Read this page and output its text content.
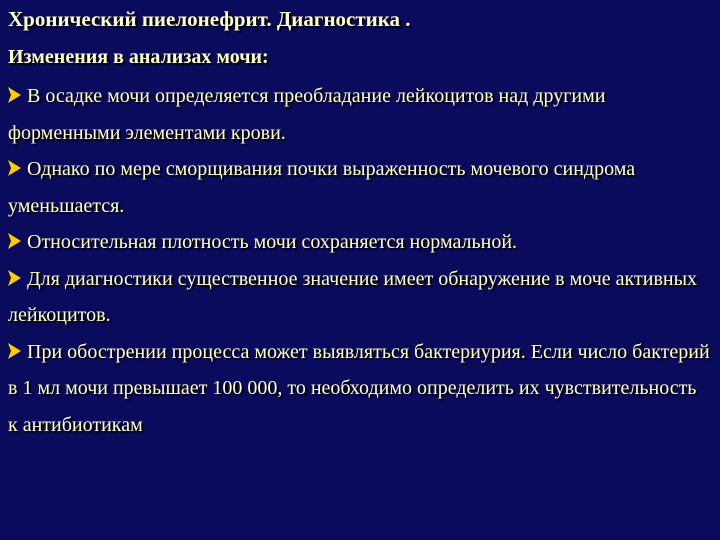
Хронический пиелонефрит. Диагностика .
Изменения в анализах мочи:
В осадке мочи определяется преобладание лейкоцитов над другими форменными элементами крови.
Однако по мере сморщивания почки выраженность мочевого синдрома уменьшается.
Относительная плотность мочи сохраняется нормальной.
Для диагностики существенное значение имеет обнаружение в моче активных лейкоцитов.
При обострении процесса может выявляться бактериурия. Если число бактерий в 1 мл мочи превышает 100 000, то необходимо определить их чувствительность к антибиотикам
